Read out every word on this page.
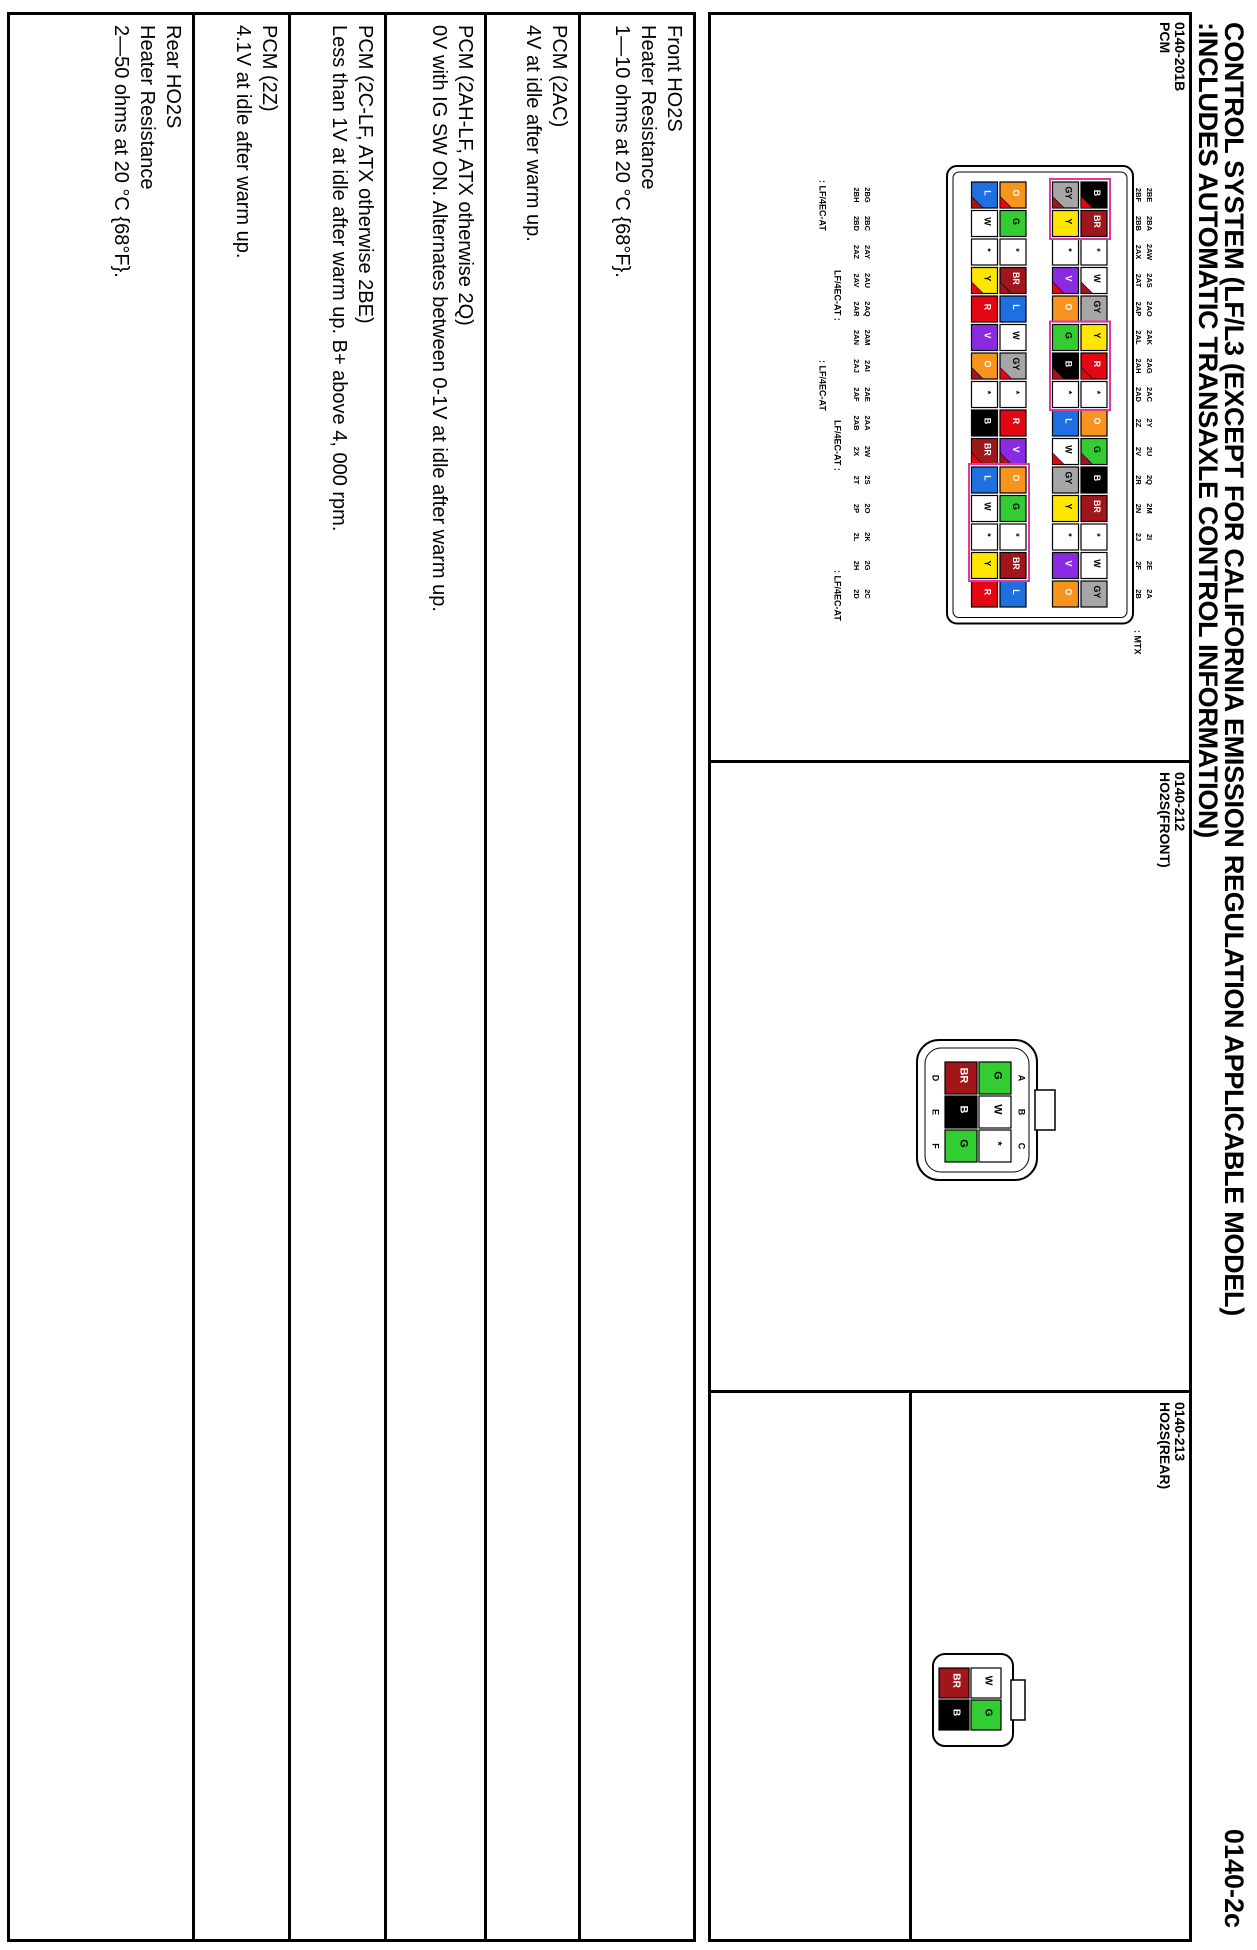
CONTROL SYSTEM (LF/L3 (EXCEPT FOR CALIFORNIA EMISSION REGULATION APPLICABLE MODEL)
:INCLUDES AUTOMATIC TRANSAXLE CONTROL INFORMATION)
0140-2c
0140-201B
PCM
2BE
2BA
2AW
2AS
2AO
2AK
2AG
2AC
2Y
2U
2Q
2M
2I
2E
2A
2BF
2BB
2AX
2AT
2AP
2AL
2AH
2AD
2Z
2V
2R
2N
2J
2F
2B
2BG
2BC
2AY
2AU
2AQ
2AM
2AI
2AE
2AA
2W
2S
2O
2K
2G
2C
2BH
2BD
2AZ
2AV
2AR
2AN
2AJ
2AF
2AB
2X
2T
2P
2L
2H
2D
B
BR
*
W
GY
Y
R
*
O
G
B
BR
*
W
GY
GY
Y
*
V
O
G
B
*
L
W
GY
Y
*
V
O
O
G
*
BR
L
W
GY
*
R
V
O
G
*
BR
L
L
W
*
Y
R
V
O
*
B
BR
L
W
*
Y
R
LF/4EC-AT :
LF/4EC-AT :
: LF/4EC-AT
: LF/4EC-AT
: LF/4EC-AT
: MTX
0140-212
HO2S(FRONT)
G A
W B
* C
BR
D
B
E
G
F
0140-213
HO2S(REAR)
W
G
BR
B
Front HO2S
Heater Resistance
1—10 ohms at 20 °C {68°F}.
PCM (2AC)
4V at idle after warm up.
PCM (2AH-LF, ATX otherwise 2Q)
0V with IG SW ON. Alternates between 0-1V at idle after warm up.
PCM (2C-LF, ATX otherwise 2BE)
Less than 1V at idle after warm up. B+ above 4, 000 rpm.
PCM (2Z)
4.1V at idle after warm up.
Rear HO2S
Heater Resistance
2—50 ohms at 20 °C {68°F}.
